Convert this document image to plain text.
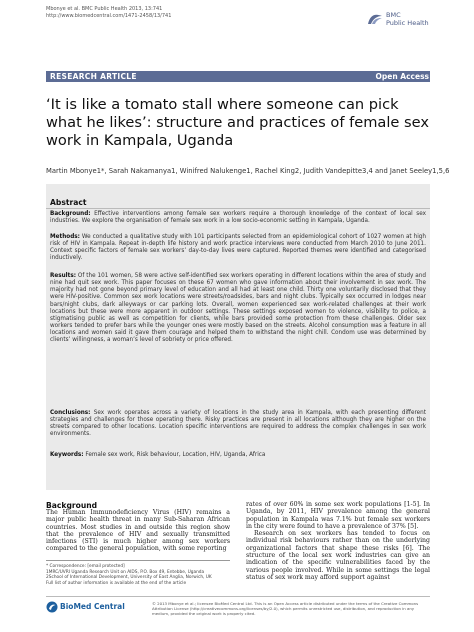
Mbonye et al. BMC Public Health 2013, 13:741
http://www.biomedcentral.com/1471-2458/13/741	BMC
Public Health
RESEARCH ARTICLE	Open Access
‘It is like a tomato stall where someone can pick what he likes’: structure and practices of female sex work in Kampala, Uganda
Martin Mbonye1*, Sarah Nakamanya1, Winifred Nalukenge1, Rachel King2, Judith Vandepitte3,4 and Janet Seeley1,5,6
Abstract

Background: Effective interventions among female sex workers require a thorough knowledge of the context of local sex industries. We explore the organisation of female sex work in a low socio-economic setting in Kampala, Uganda.

Methods: We conducted a qualitative study with 101 participants selected from an epidemiological cohort of 1027 women at high risk of HIV in Kampala. Repeat in-depth life history and work practice interviews were conducted from March 2010 to June 2011. Context specific factors of female sex workers’ day-to-day lives were captured. Reported themes were identified and categorised inductively.

Results: Of the 101 women, 58 were active self-identified sex workers operating in different locations within the area of study and nine had quit sex work. This paper focuses on these 67 women who gave information about their involvement in sex work. The majority had not gone beyond primary level of education and all had at least one child. Thirty one voluntarily disclosed that they were HIV-positive. Common sex work locations were streets/roadsides, bars and night clubs. Typically sex occurred in lodges near bars/night clubs, dark alleyways or car parking lots. Overall, women experienced sex work-related challenges at their work locations but these were more apparent in outdoor settings. These settings exposed women to violence, visibility to police, a stigmatising public as well as competition for clients, while bars provided some protection from these challenges. Older sex workers tended to prefer bars while the younger ones were mostly based on the streets. Alcohol consumption was a feature in all locations and women said it gave them courage and helped them to withstand the night chill. Condom use was determined by clients’ willingness, a woman’s level of sobriety or price offered.

Conclusions: Sex work operates across a variety of locations in the study area in Kampala, with each presenting different strategies and challenges for those operating there. Risky practices are present in all locations although they are higher on the streets compared to other locations. Location specific interventions are required to address the complex challenges in sex work environments.

Keywords: Female sex work, Risk behaviour, Location, HIV, Uganda, Africa

Background

The Human Immunodeficiency Virus (HIV) remains a major public health threat in many Sub-Saharan African countries. Most studies in and outside this region show that the prevalence of HIV and sexually transmitted infections (STI) is much higher among sex workers compared to the general population, with some reporting

rates of over 60% in some sex work populations [1-5]. In Uganda, by 2011, HIV prevalence among the general population in Kampala was 7.1% but female sex workers in the city were found to have a prevalence of 37% [5].

Research on sex workers has tended to focus on individual risk behaviours rather than on the underlying organizational factors that shape these risks [6]. The structure of the local sex work industries can give an indication of the specific vulnerabilities faced by the various people involved. While in some settings the legal status of sex work may afford support against

* Correspondence: [email protected]
1MRC/UVRI Uganda Research Unit on AIDS, P.O. Box 49, Entebbe, Uganda
2School of International Development, University of East Anglia, Norwich, UK
Full list of author information is available at the end of the article
BioMed Central	© 2013 Mbonye et al.; licensee BioMed Central Ltd. This is an Open Access article distributed under the terms of the Creative Commons Attribution License (http://creativecommons.org/licenses/by/2.0), which permits unrestricted use, distribution, and reproduction in any medium, provided the original work is properly cited.
